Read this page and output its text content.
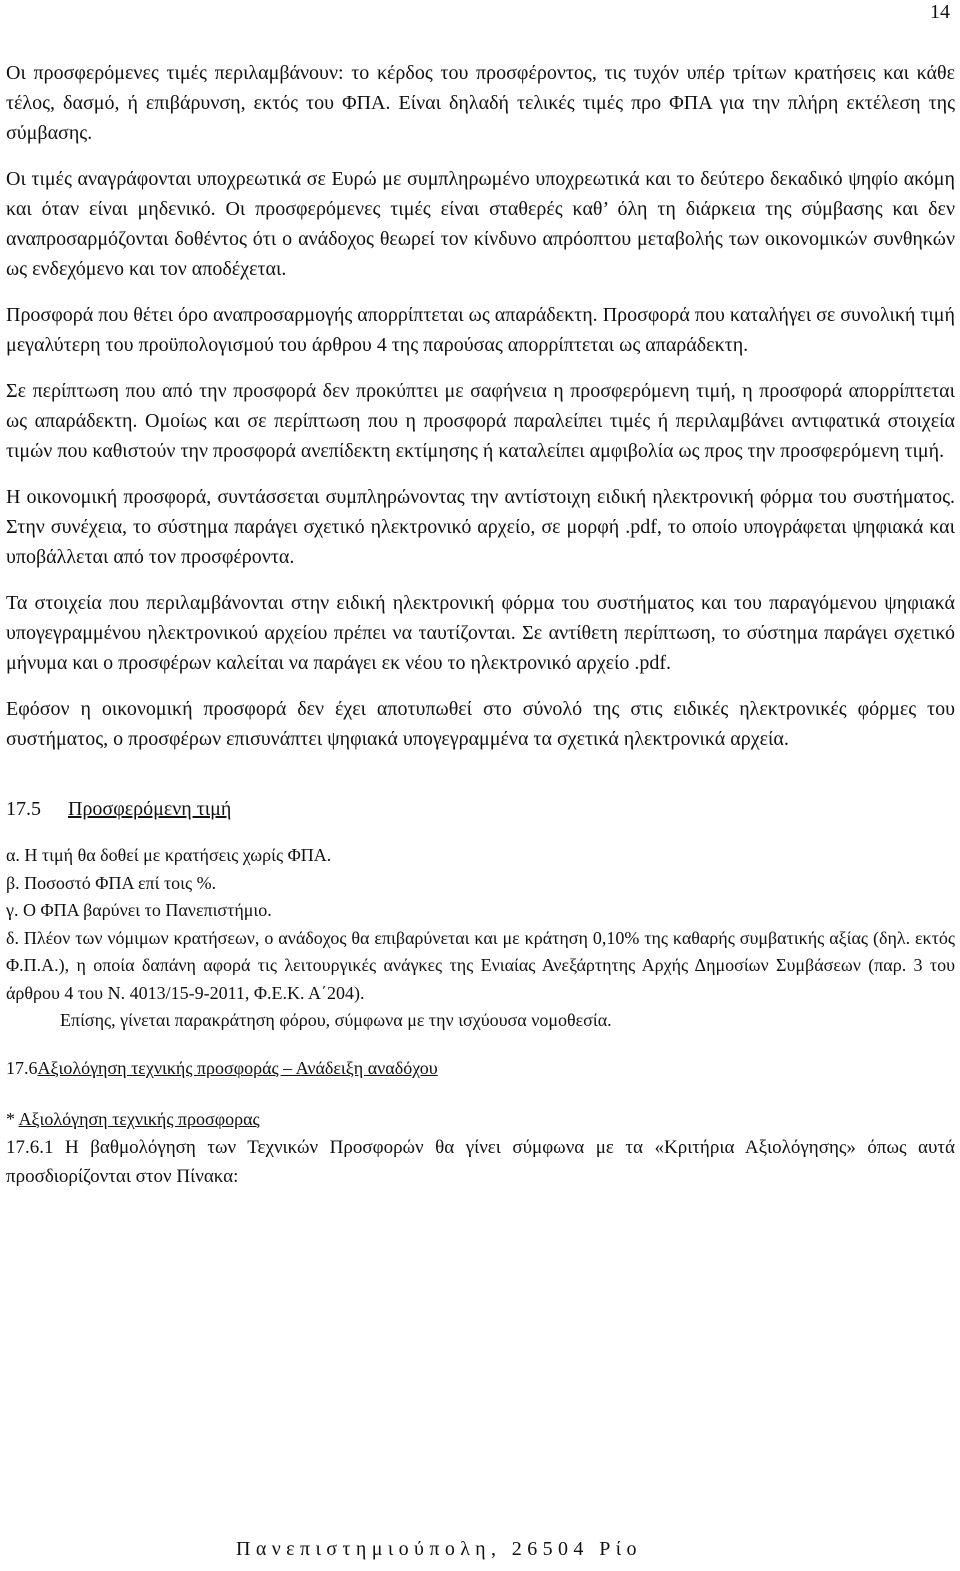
14

Οι προσφερόμενες τιμές περιλαμβάνουν: το κέρδος του προσφέροντος, τις τυχόν υπέρ τρίτων κρατήσεις και κάθε τέλος, δασμό, ή επιβάρυνση, εκτός του ΦΠΑ. Είναι δηλαδή τελικές τιμές προ ΦΠΑ για την πλήρη εκτέλεση της σύμβασης.

Οι τιμές αναγράφονται υποχρεωτικά σε Ευρώ με συμπληρωμένο υποχρεωτικά και το δεύτερο δεκαδικό ψηφίο ακόμη και όταν είναι μηδενικό. Οι προσφερόμενες τιμές είναι σταθερές καθ’ όλη τη διάρκεια της σύμβασης και δεν αναπροσαρμόζονται δοθέντος ότι ο ανάδοχος θεωρεί τον κίνδυνο απρόοπτου μεταβολής των οικονομικών συνθηκών ως ενδεχόμενο και τον αποδέχεται.

Προσφορά που θέτει όρο αναπροσαρμογής απορρίπτεται ως απαράδεκτη. Προσφορά που καταλήγει σε συνολική τιμή μεγαλύτερη του προϋπολογισμού του άρθρου 4 της παρούσας απορρίπτεται ως απαράδεκτη.

Σε περίπτωση που από την προσφορά δεν προκύπτει με σαφήνεια η προσφερόμενη τιμή, η προσφορά απορρίπτεται ως απαράδεκτη. Ομοίως και σε περίπτωση που η προσφορά παραλείπει τιμές ή περιλαμβάνει αντιφατικά στοιχεία τιμών που καθιστούν την προσφορά ανεπίδεκτη εκτίμησης ή καταλείπει αμφιβολία ως προς την προσφερόμενη τιμή.

Η οικονομική προσφορά, συντάσσεται συμπληρώνοντας την αντίστοιχη ειδική ηλεκτρονική φόρμα του συστήματος. Στην συνέχεια, το σύστημα παράγει σχετικό ηλεκτρονικό αρχείο, σε μορφή .pdf, το οποίο υπογράφεται ψηφιακά και υποβάλλεται από τον προσφέροντα.

Τα στοιχεία που περιλαμβάνονται στην ειδική ηλεκτρονική φόρμα του συστήματος και του παραγόμενου ψηφιακά υπογεγραμμένου ηλεκτρονικού αρχείου πρέπει να ταυτίζονται. Σε αντίθετη περίπτωση, το σύστημα παράγει σχετικό μήνυμα και ο προσφέρων καλείται να παράγει εκ νέου το ηλεκτρονικό αρχείο .pdf.

Εφόσον η οικονομική προσφορά δεν έχει αποτυπωθεί στο σύνολό της στις ειδικές ηλεκτρονικές φόρμες του συστήματος, ο προσφέρων επισυνάπτει ψηφιακά υπογεγραμμένα τα σχετικά ηλεκτρονικά αρχεία.

17.5 Προσφερόμενη τιμή

α. Η τιμή θα δοθεί με κρατήσεις χωρίς ΦΠΑ.

β. Ποσοστό ΦΠΑ επί τοις %.

γ. Ο ΦΠΑ βαρύνει το Πανεπιστήμιο.

δ. Πλέον των νόμιμων κρατήσεων, ο ανάδοχος θα επιβαρύνεται και με κράτηση 0,10% της καθαρής συμβατικής αξίας (δηλ. εκτός Φ.Π.Α.), η οποία δαπάνη αφορά τις λειτουργικές ανάγκες της Ενιαίας Ανεξάρτητης Αρχής Δημοσίων Συμβάσεων (παρ. 3 του άρθρου 4 του Ν. 4013/15-9-2011, Φ.Ε.Κ. Α΄204).

Επίσης, γίνεται παρακράτηση φόρου, σύμφωνα με την ισχύουσα νομοθεσία.

17.6Αξιολόγηση τεχνικής προσφοράς – Ανάδειξη αναδόχου
* Αξιολόγηση τεχνικής προσφορας

17.6.1 Η βαθμολόγηση των Τεχνικών Προσφορών θα γίνει σύμφωνα με τα «Κριτήρια Αξιολόγησης» όπως αυτά προσδιορίζονται στον Πίνακα:

Πανεπιστημιούπολη, 26504 Ρίο
